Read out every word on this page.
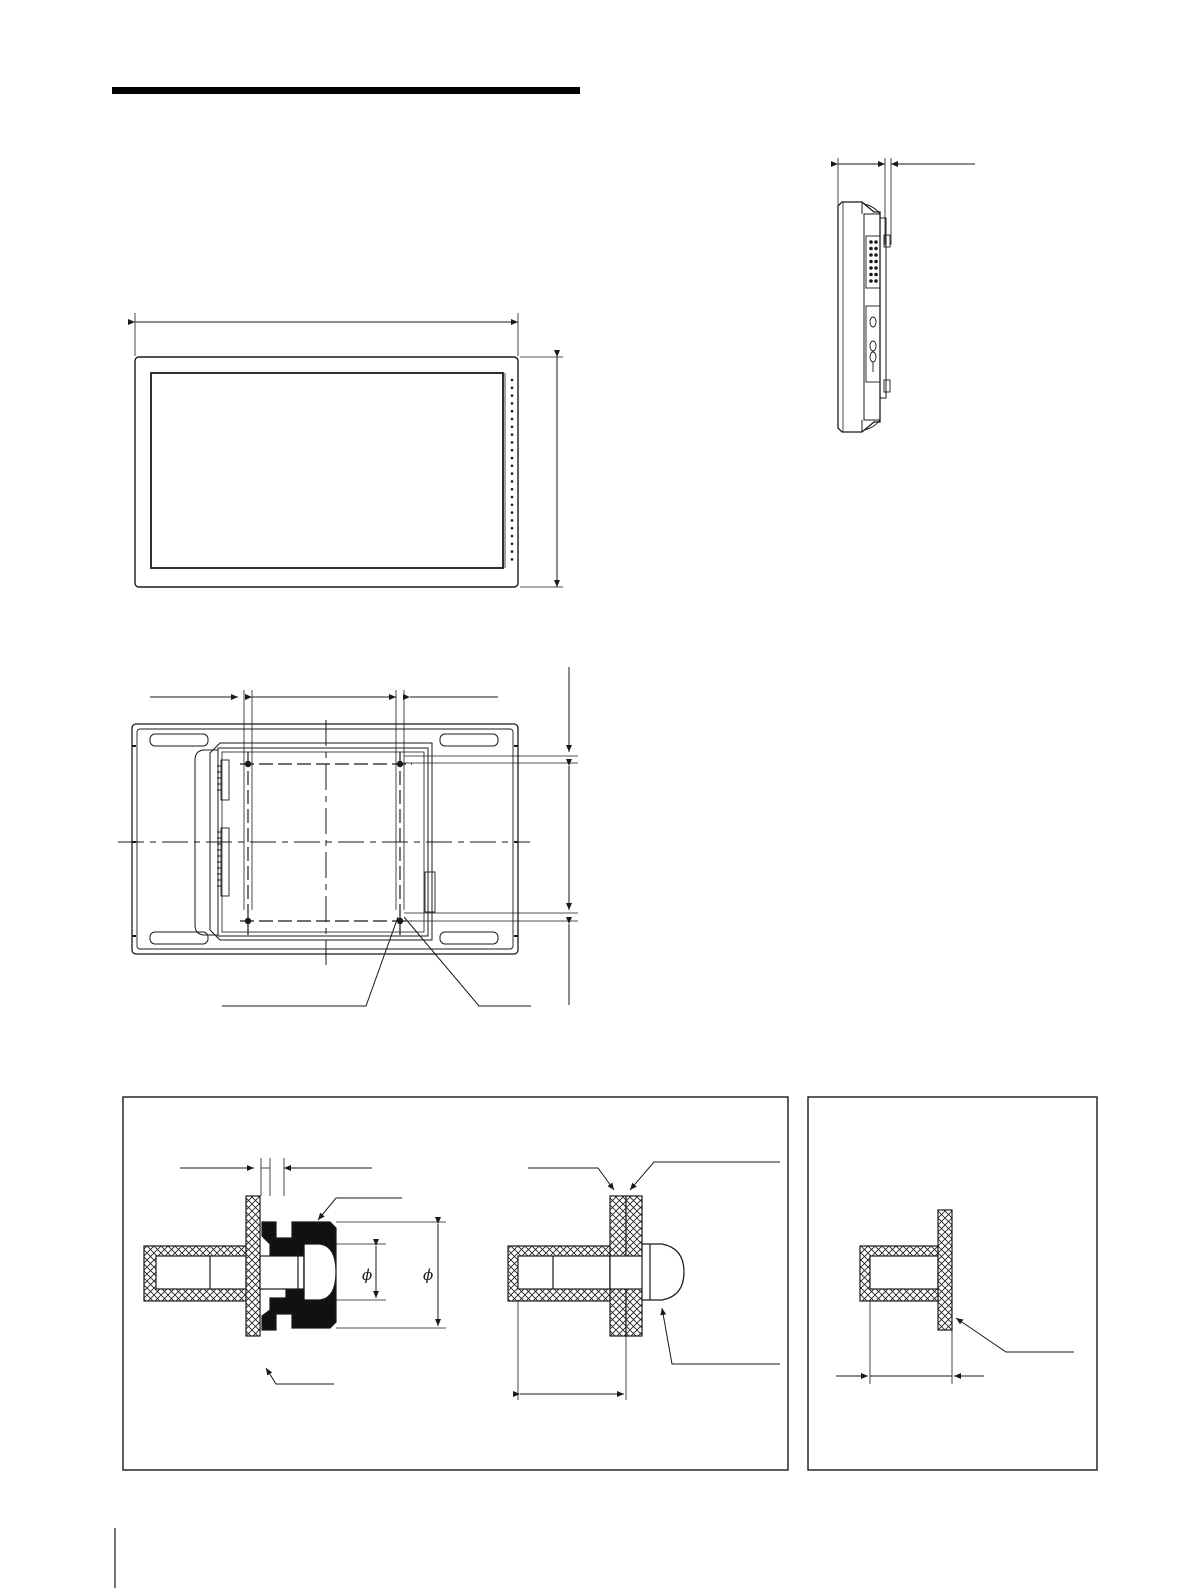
ϕ	ϕ
